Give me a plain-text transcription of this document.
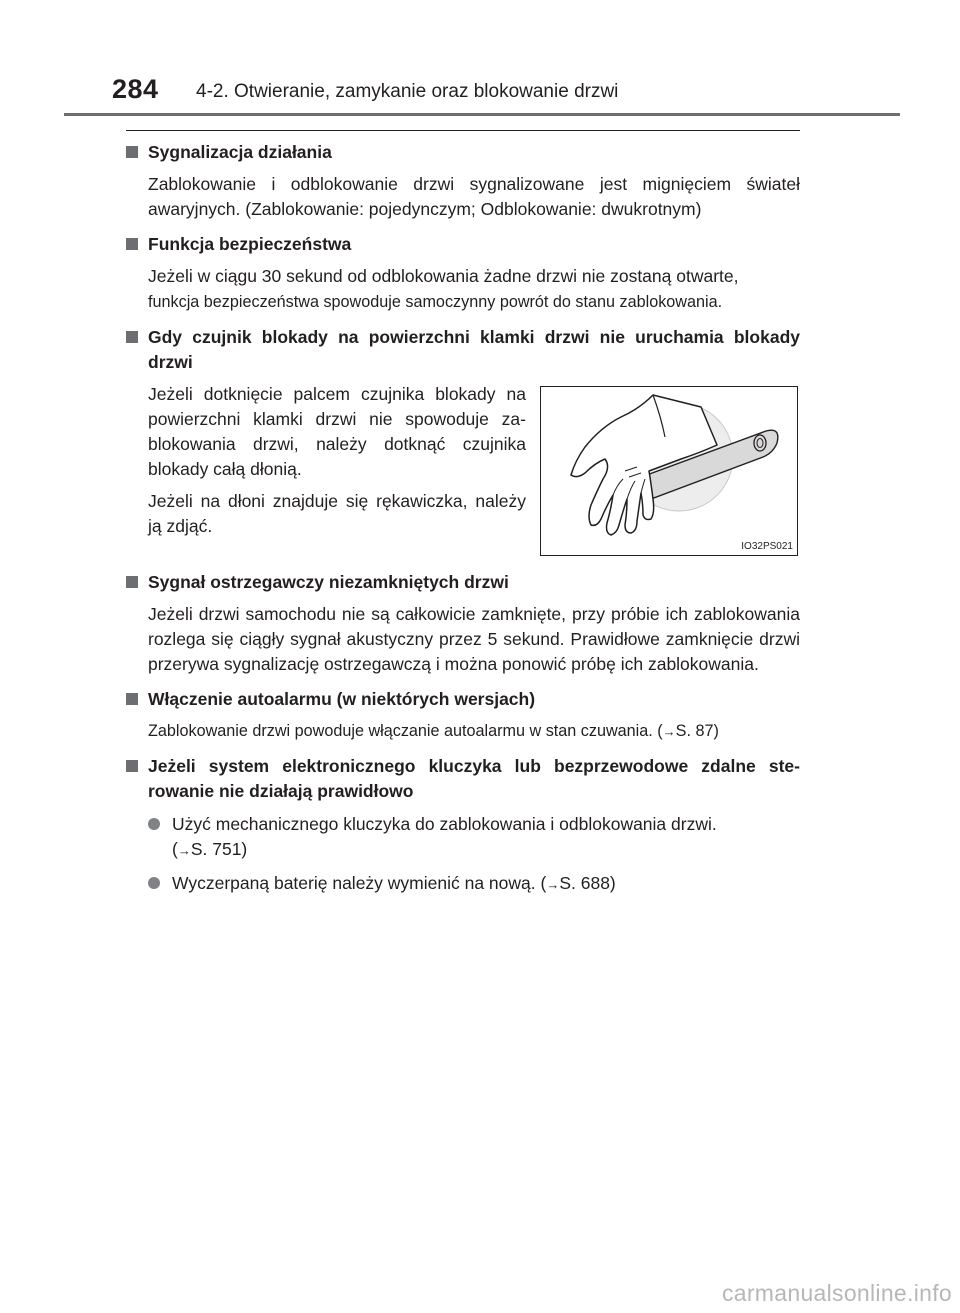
284 4-2. Otwieranie, zamykanie oraz blokowanie drzwi
Sygnalizacja działania
Zablokowanie i odblokowanie drzwi sygnalizowane jest mignięciem świateł awaryjnych. (Zablokowanie: pojedynczym; Odblokowanie: dwukrotnym)
Funkcja bezpieczeństwa
Jeżeli w ciągu 30 sekund od odblokowania żadne drzwi nie zostaną otwarte,
funkcja bezpieczeństwa spowoduje samoczynny powrót do stanu zablokowania.
Gdy czujnik blokady na powierzchni klamki drzwi nie uruchamia blokady drzwi
Jeżeli dotknięcie palcem czujnika blokady na powierzchni klamki drzwi nie spowoduje zablokowania drzwi, należy dotknąć czujnika blokady całą dłonią.
Jeżeli na dłoni znajduje się rękawiczka, należy ją zdjąć.
IO32PS021
Sygnał ostrzegawczy niezamkniętych drzwi
Jeżeli drzwi samochodu nie są całkowicie zamknięte, przy próbie ich zablokowania rozlega się ciągły sygnał akustyczny przez 5 sekund. Prawidłowe zamknięcie drzwi przerywa sygnalizację ostrzegawczą i można ponowić próbę ich zablokowania.
Włączenie autoalarmu (w niektórych wersjach)
Zablokowanie drzwi powoduje włączanie autoalarmu w stan czuwania. (→S. 87)
Jeżeli system elektronicznego kluczyka lub bezprzewodowe zdalne sterowanie nie działają prawidłowo
Użyć mechanicznego kluczyka do zablokowania i odblokowania drzwi.
(→S. 751)
Wyczerpaną baterię należy wymienić na nową. (→S. 688)
carmanualsonline.info
